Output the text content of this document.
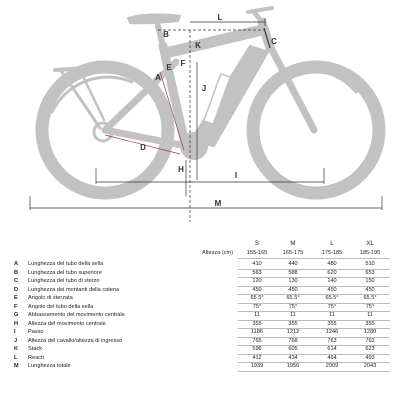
B
K
L
C
A
E F
J
D
H
I
M
S	M	L	XL
Altezza (cm)	155-165	165-175	175-185	185-195
A Lunghezza del tubo della sella	410	440	480	510
B Lunghezza del tubo superiore	563	588	620	653
C Lunghezza del tubo di sterzo	120	130	140	150
D Lunghezza dei montanti della catena	450	450	450	450
E Angolo di sterzata	65.5°	65.5°	65.5°	65.5°
F Angolo del tubo della sella	75°	75°	75°	75°
G Abbassamento del movimento centrale	11	11	11	11
H Altezza del movimento centrale	355	355	355	355
I Passo	1186	1212	1246	1280
J Altezza del cavallo/altezza di ingresso	765	768	763	763
K Stack	596	605	614	623
L Reach	412	434	464	493
M Lunghezza totale	1939	1956	2009	2043
